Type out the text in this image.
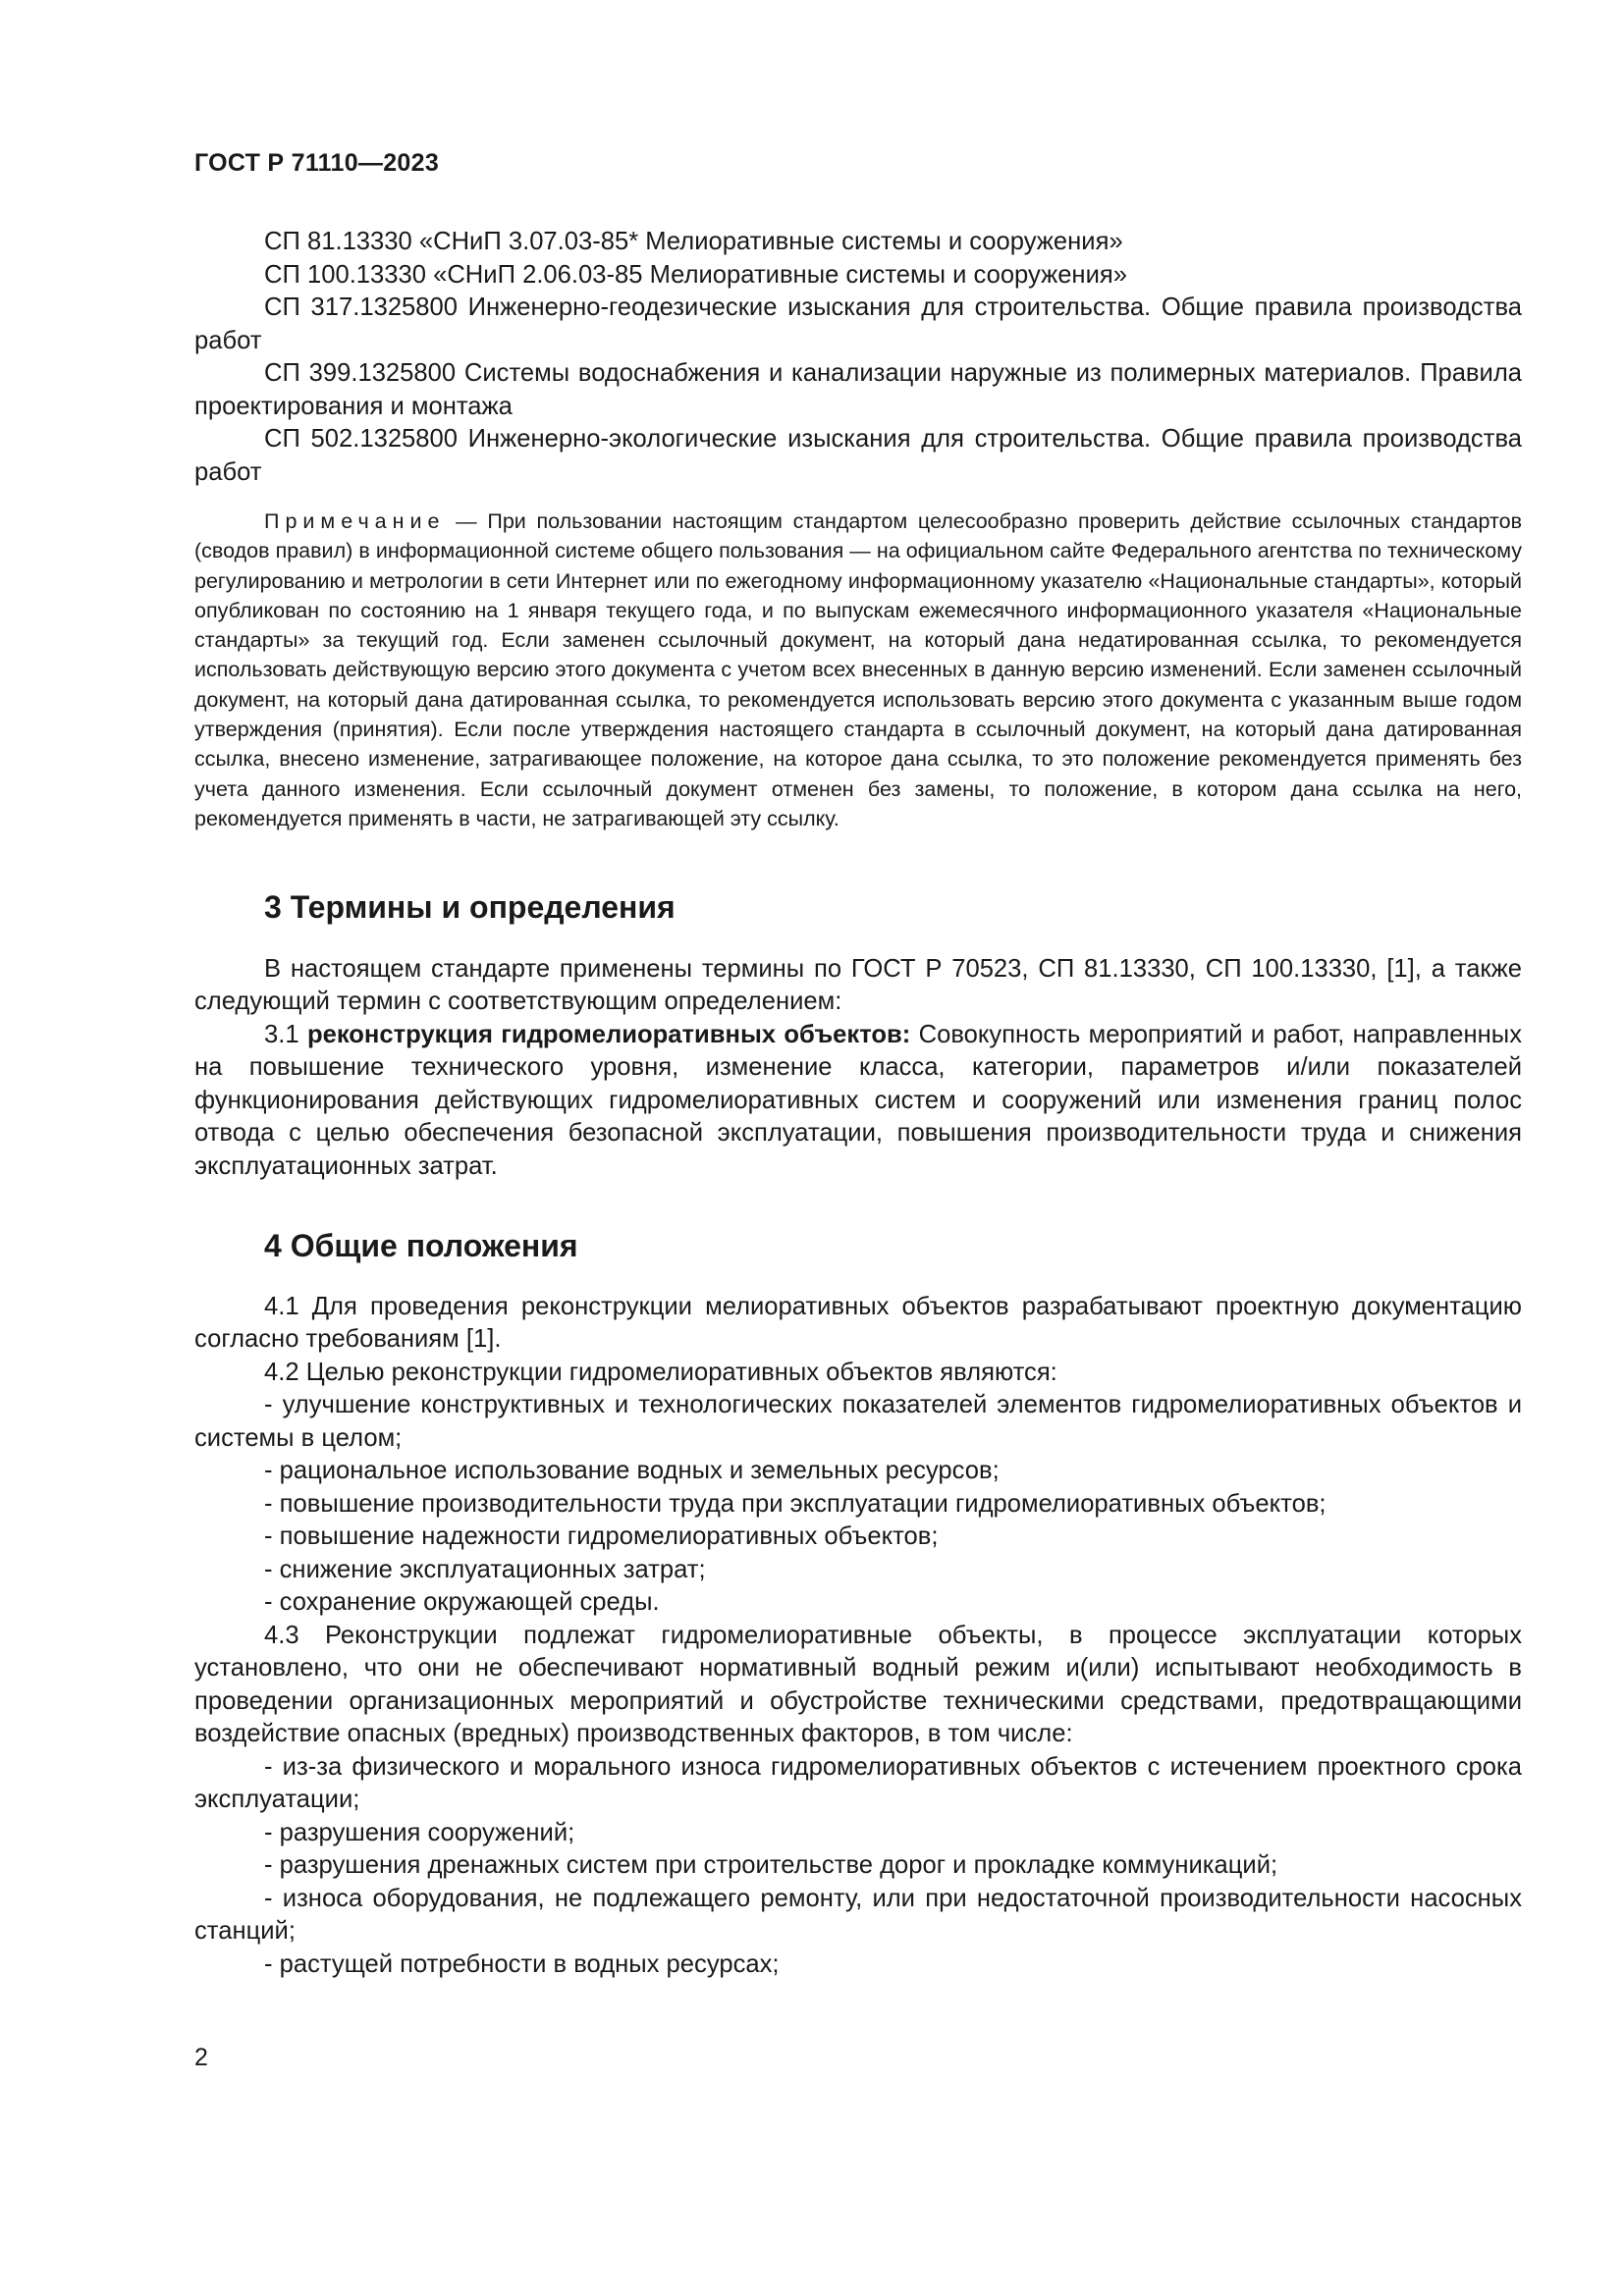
ГОСТ Р 71110—2023

СП 81.13330 «СНиП 3.07.03-85* Мелиоративные системы и сооружения»

СП 100.13330 «СНиП 2.06.03-85 Мелиоративные системы и сооружения»

СП 317.1325800 Инженерно-геодезические изыскания для строительства. Общие правила производства работ

СП 399.1325800 Системы водоснабжения и канализации наружные из полимерных материалов. Правила проектирования и монтажа

СП 502.1325800 Инженерно-экологические изыскания для строительства. Общие правила производства работ

Примечание — При пользовании настоящим стандартом целесообразно проверить действие ссылочных стандартов (сводов правил) в информационной системе общего пользования — на официальном сайте Федерального агентства по техническому регулированию и метрологии в сети Интернет или по ежегодному информационному указателю «Национальные стандарты», который опубликован по состоянию на 1 января текущего года, и по выпускам ежемесячного информационного указателя «Национальные стандарты» за текущий год. Если заменен ссылочный документ, на который дана недатированная ссылка, то рекомендуется использовать действующую версию этого документа с учетом всех внесенных в данную версию изменений. Если заменен ссылочный документ, на который дана датированная ссылка, то рекомендуется использовать версию этого документа с указанным выше годом утверждения (принятия). Если после утверждения настоящего стандарта в ссылочный документ, на который дана датированная ссылка, внесено изменение, затрагивающее положение, на которое дана ссылка, то это положение рекомендуется применять без учета данного изменения. Если ссылочный документ отменен без замены, то положение, в котором дана ссылка на него, рекомендуется применять в части, не затрагивающей эту ссылку.

3 Термины и определения

В настоящем стандарте применены термины по ГОСТ Р 70523, СП 81.13330, СП 100.13330, [1], а также следующий термин с соответствующим определением:

3.1 реконструкция гидромелиоративных объектов: Совокупность мероприятий и работ, направленных на повышение технического уровня, изменение класса, категории, параметров и/или показателей функционирования действующих гидромелиоративных систем и сооружений или изменения границ полос отвода с целью обеспечения безопасной эксплуатации, повышения производительности труда и снижения эксплуатационных затрат.

4 Общие положения

4.1 Для проведения реконструкции мелиоративных объектов разрабатывают проектную документацию согласно требованиям [1].

4.2 Целью реконструкции гидромелиоративных объектов являются:

- улучшение конструктивных и технологических показателей элементов гидромелиоративных объектов и системы в целом;

- рациональное использование водных и земельных ресурсов;

- повышение производительности труда при эксплуатации гидромелиоративных объектов;

- повышение надежности гидромелиоративных объектов;

- снижение эксплуатационных затрат;

- сохранение окружающей среды.

4.3 Реконструкции подлежат гидромелиоративные объекты, в процессе эксплуатации которых установлено, что они не обеспечивают нормативный водный режим и(или) испытывают необходимость в проведении организационных мероприятий и обустройстве техническими средствами, предотвращающими воздействие опасных (вредных) производственных факторов, в том числе:

- из-за физического и морального износа гидромелиоративных объектов с истечением проектного срока эксплуатации;

- разрушения сооружений;

- разрушения дренажных систем при строительстве дорог и прокладке коммуникаций;

- износа оборудования, не подлежащего ремонту, или при недостаточной производительности насосных станций;

- растущей потребности в водных ресурсах;

2
